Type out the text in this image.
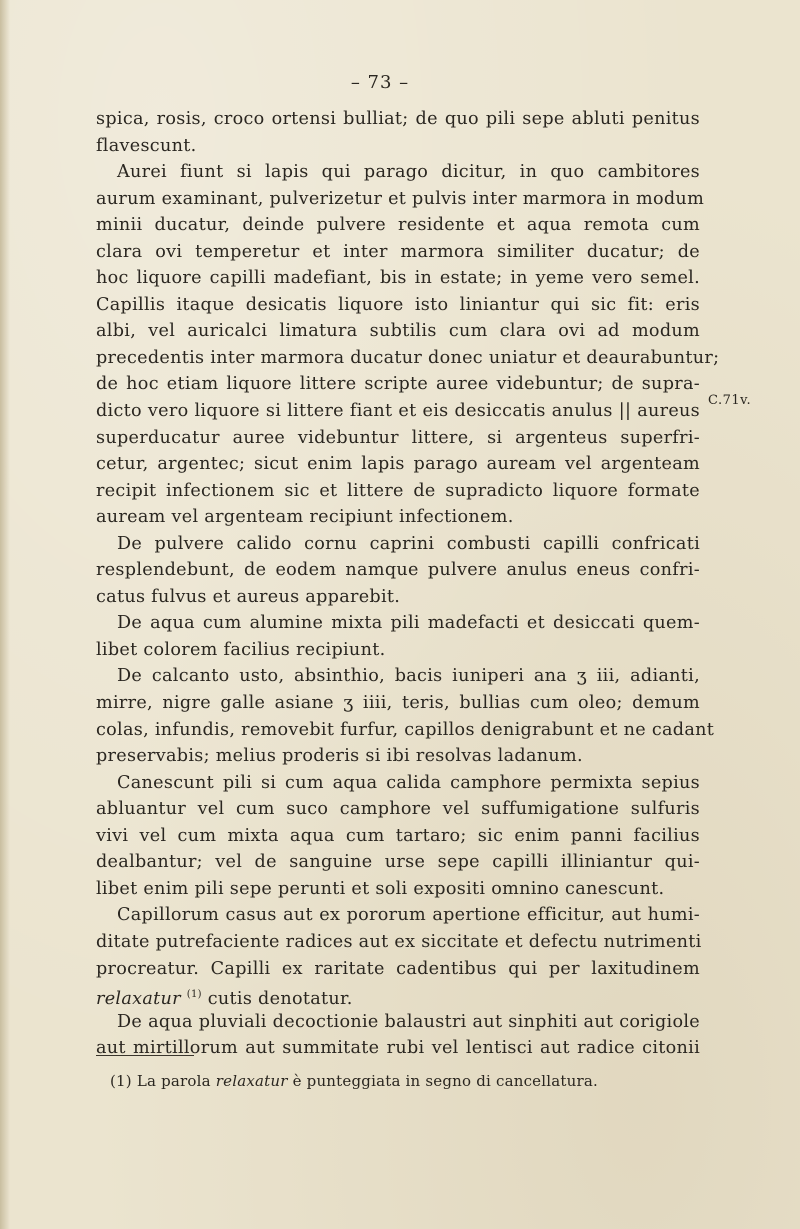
– 73 –
spica, rosis, croco ortensi bulliat; de quo pili sepe abluti penitus
flavescunt.
Aurei fiunt si lapis qui parago dicitur, in quo cambitores
aurum examinant, pulverizetur et pulvis inter marmora in modum
minii ducatur, deinde pulvere residente et aqua remota cum
clara ovi temperetur et inter marmora similiter ducatur; de
hoc liquore capilli madefiant, bis in estate; in yeme vero semel.
Capillis itaque desicatis liquore isto liniantur qui sic fit: eris
albi, vel auricalci limatura subtilis cum clara ovi ad modum
precedentis inter marmora ducatur donec uniatur et deaurabuntur;
de hoc etiam liquore littere scripte auree videbuntur; de supra-
dicto vero liquore si littere fiant et eis desiccatis anulus || aureus
superducatur auree videbuntur littere, si argenteus superfri-
cetur, argentec; sicut enim lapis parago auream vel argenteam
recipit infectionem sic et littere de supradicto liquore formate
auream vel argenteam recipiunt infectionem.
De pulvere calido cornu caprini combusti capilli confricati
resplendebunt, de eodem namque pulvere anulus eneus confri-
catus fulvus et aureus apparebit.
De aqua cum alumine mixta pili madefacti et desiccati quem-
libet colorem facilius recipiunt.
De calcanto usto, absinthio, bacis iuniperi ana ʒ iii, adianti,
mirre, nigre galle asiane ʒ iiii, teris, bullias cum oleo; demum
colas, infundis, removebit furfur, capillos denigrabunt et ne cadant
preservabis; melius proderis si ibi resolvas ladanum.
Canescunt pili si cum aqua calida camphore permixta sepius
abluantur vel cum suco camphore vel suffumigatione sulfuris
vivi vel cum mixta aqua cum tartaro; sic enim panni facilius
dealbantur; vel de sanguine urse sepe capilli illiniantur qui-
libet enim pili sepe perunti et soli expositi omnino canescunt.
Capillorum casus aut ex pororum apertione efficitur, aut humi-
ditate putrefaciente radices aut ex siccitate et defectu nutrimenti
procreatur. Capilli ex raritate cadentibus qui per laxitudinem
relaxatur $^{(1)}$ cutis denotatur.
De aqua pluviali decoctionie balaustri aut sinphiti aut corigiole
aut mirtillorum aut summitate rubi vel lentisci aut radice citonii
C.71v.
(1) La parola relaxatur è punteggiata in segno di cancellatura.
